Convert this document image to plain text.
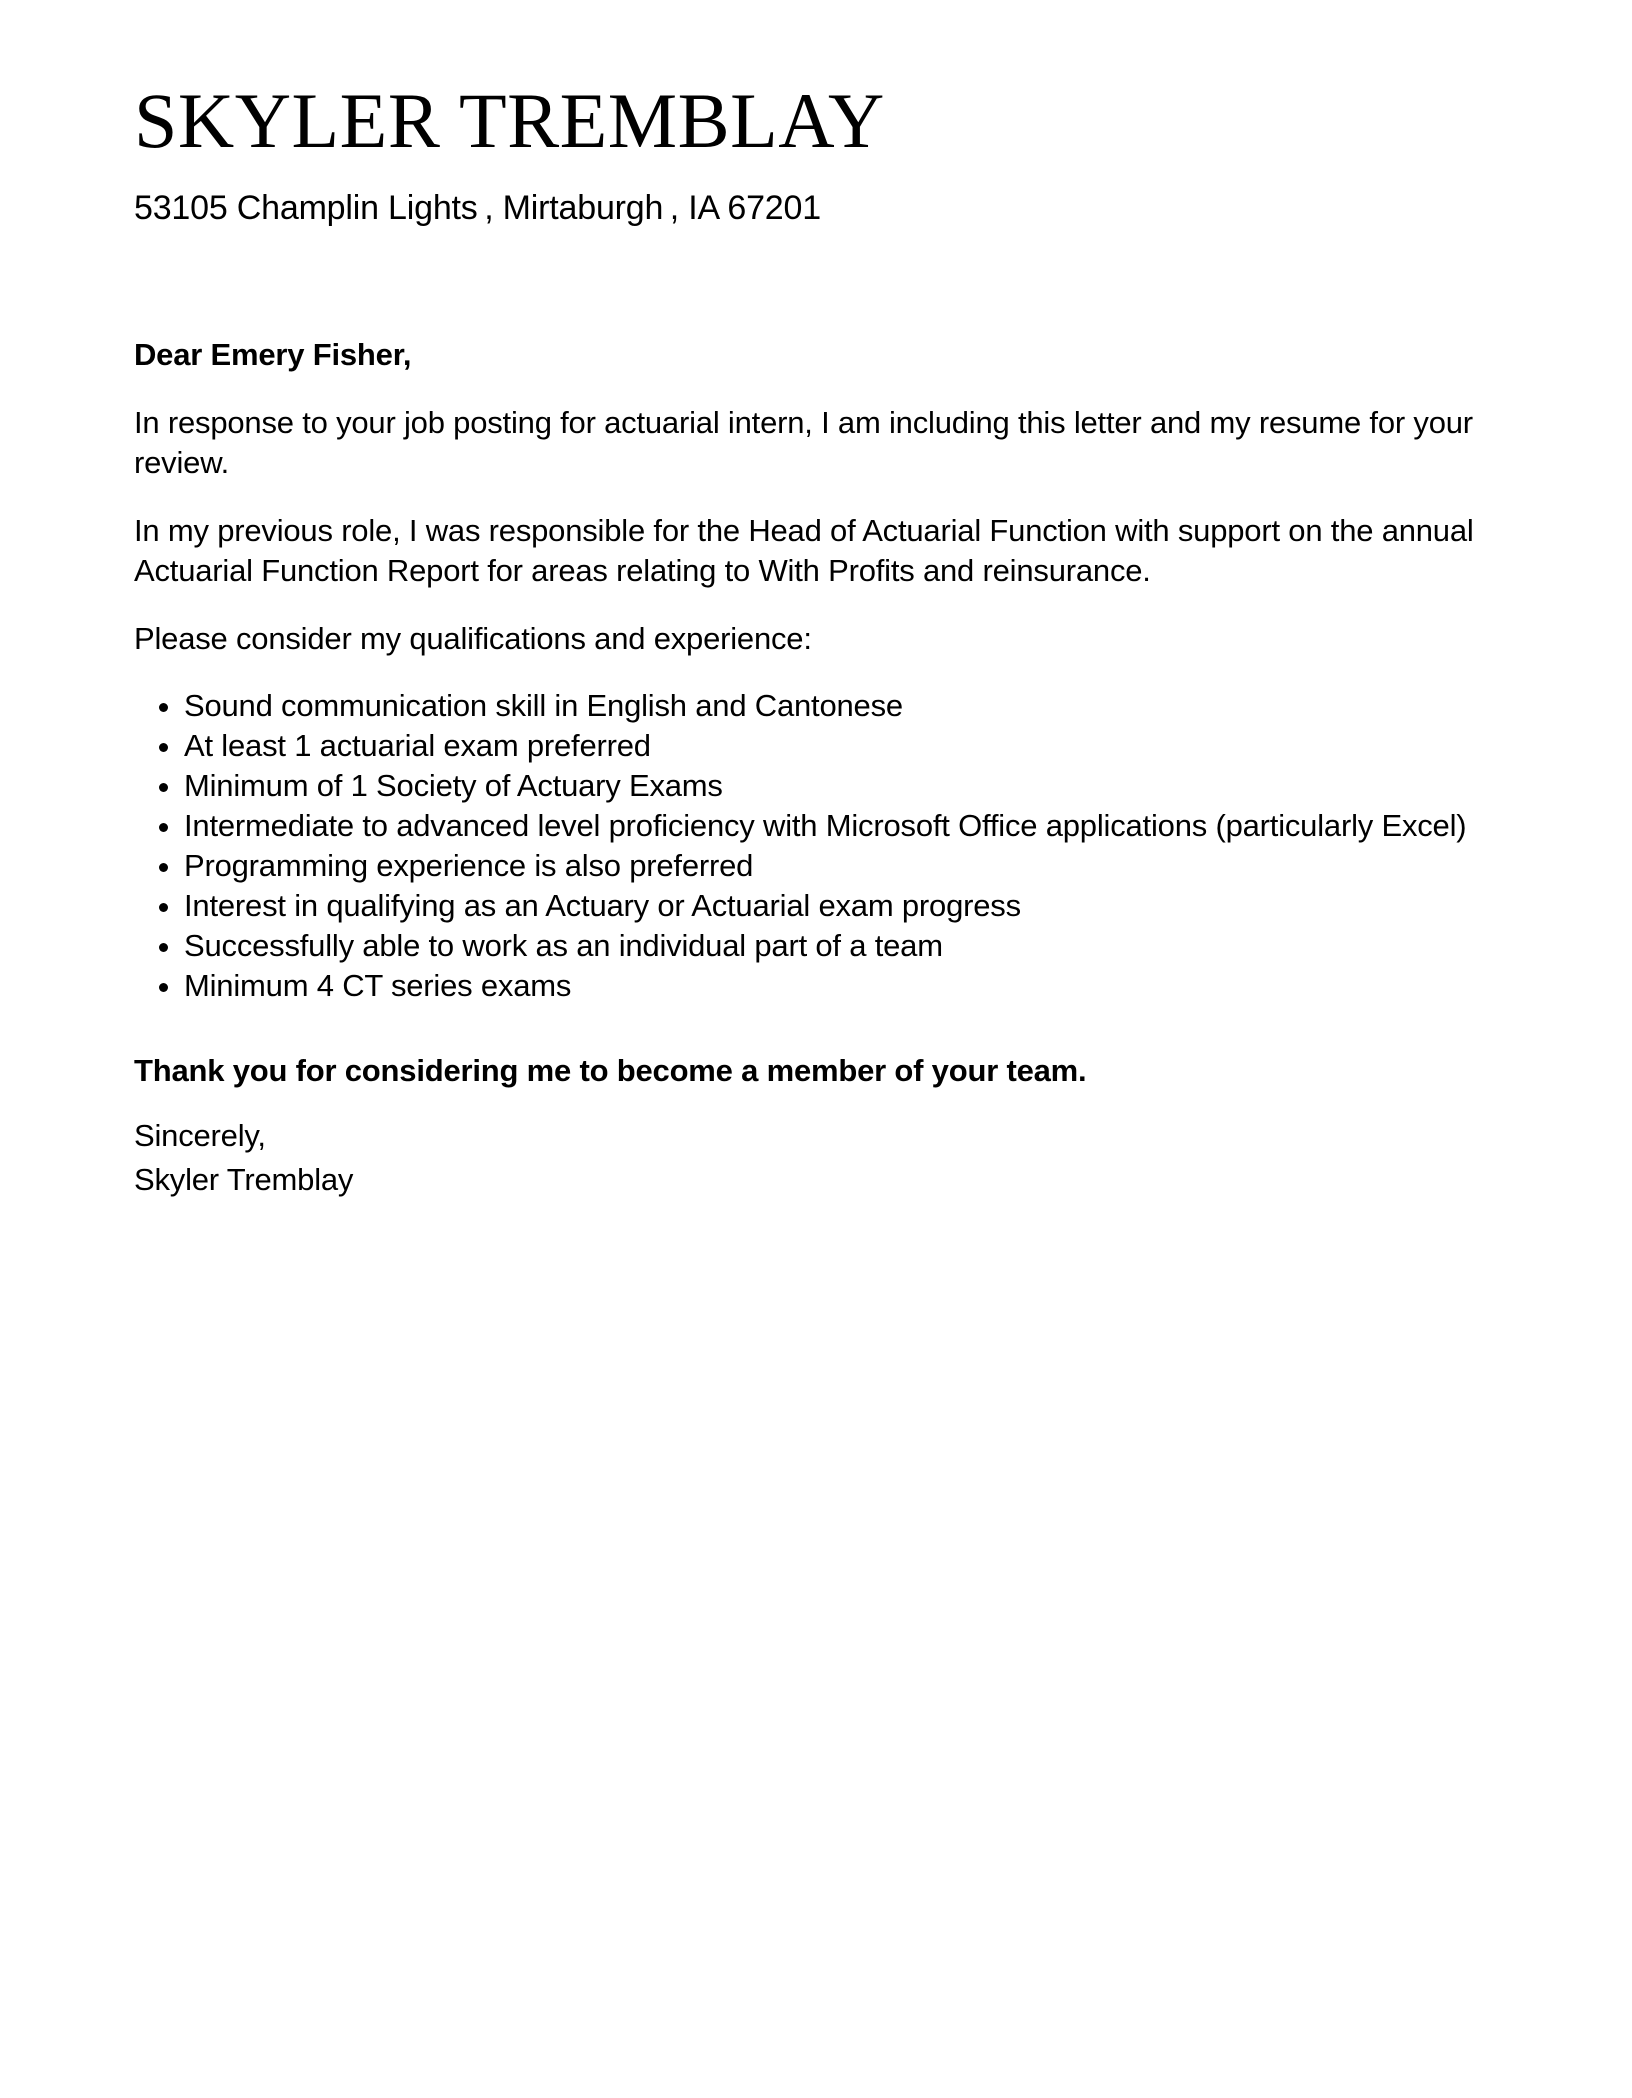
SKYLER TREMBLAY

53105 Champlin Lights , Mirtaburgh , IA 67201

Dear Emery Fisher,

In response to your job posting for actuarial intern, I am including this letter and my resume for your review.

In my previous role, I was responsible for the Head of Actuarial Function with support on the annual Actuarial Function Report for areas relating to With Profits and reinsurance.

Please consider my qualifications and experience:

• Sound communication skill in English and Cantonese
• At least 1 actuarial exam preferred
• Minimum of 1 Society of Actuary Exams
• Intermediate to advanced level proficiency with Microsoft Office applications (particularly Excel)
• Programming experience is also preferred
• Interest in qualifying as an Actuary or Actuarial exam progress
• Successfully able to work as an individual part of a team
• Minimum 4 CT series exams

Thank you for considering me to become a member of your team.

Sincerely,
Skyler Tremblay
